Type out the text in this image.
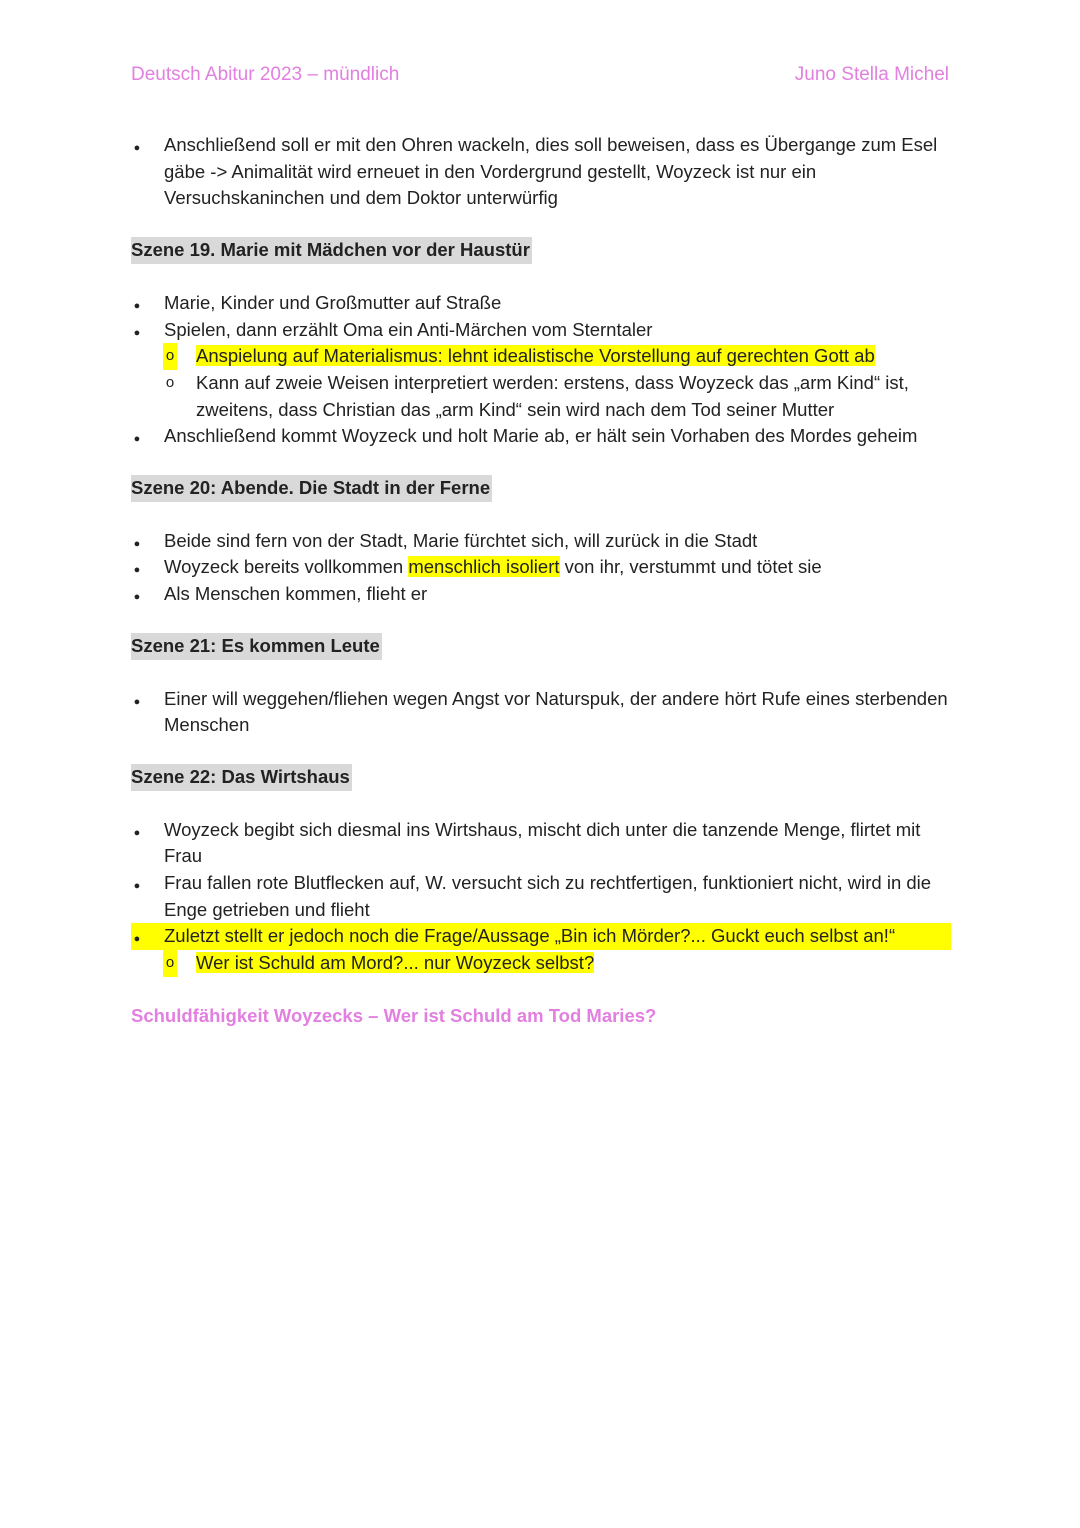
Deutsch Abitur 2023 – mündlich	Juno Stella Michel
●
Anschließend soll er mit den Ohren wackeln, dies soll beweisen, dass es Übergange zum Esel gäbe -> Animalität wird erneuet in den Vordergrund gestellt, Woyzeck ist nur ein Versuchskaninchen und dem Doktor unterwürfig
Szene 19. Marie mit Mädchen vor der Haustür
●
Marie, Kinder und Großmutter auf Straße
●
Spielen, dann erzählt Oma ein Anti-Märchen vom Sterntaler
o Anspielung auf Materialismus: lehnt idealistische Vorstellung auf gerechten Gott ab
o Kann auf zweie Weisen interpretiert werden: erstens, dass Woyzeck das „arm Kind“ ist, zweitens, dass Christian das „arm Kind“ sein wird nach dem Tod seiner Mutter
●
Anschließend kommt Woyzeck und holt Marie ab, er hält sein Vorhaben des Mordes geheim
Szene 20: Abende. Die Stadt in der Ferne
●
Beide sind fern von der Stadt, Marie fürchtet sich, will zurück in die Stadt
●
Woyzeck bereits vollkommen menschlich isoliert von ihr, verstummt und tötet sie
●
Als Menschen kommen, flieht er
Szene 21: Es kommen Leute
●
Einer will weggehen/fliehen wegen Angst vor Naturspuk, der andere hört Rufe eines sterbenden Menschen
Szene 22: Das Wirtshaus
●
Woyzeck begibt sich diesmal ins Wirtshaus, mischt dich unter die tanzende Menge, flirtet mit Frau
●
Frau fallen rote Blutflecken auf, W. versucht sich zu rechtfertigen, funktioniert nicht, wird in die Enge getrieben und flieht
●
Zuletzt stellt er jedoch noch die Frage/Aussage „Bin ich Mörder?... Guckt euch selbst an!“
o Wer ist Schuld am Mord?... nur Woyzeck selbst?
Schuldfähigkeit Woyzecks – Wer ist Schuld am Tod Maries?
